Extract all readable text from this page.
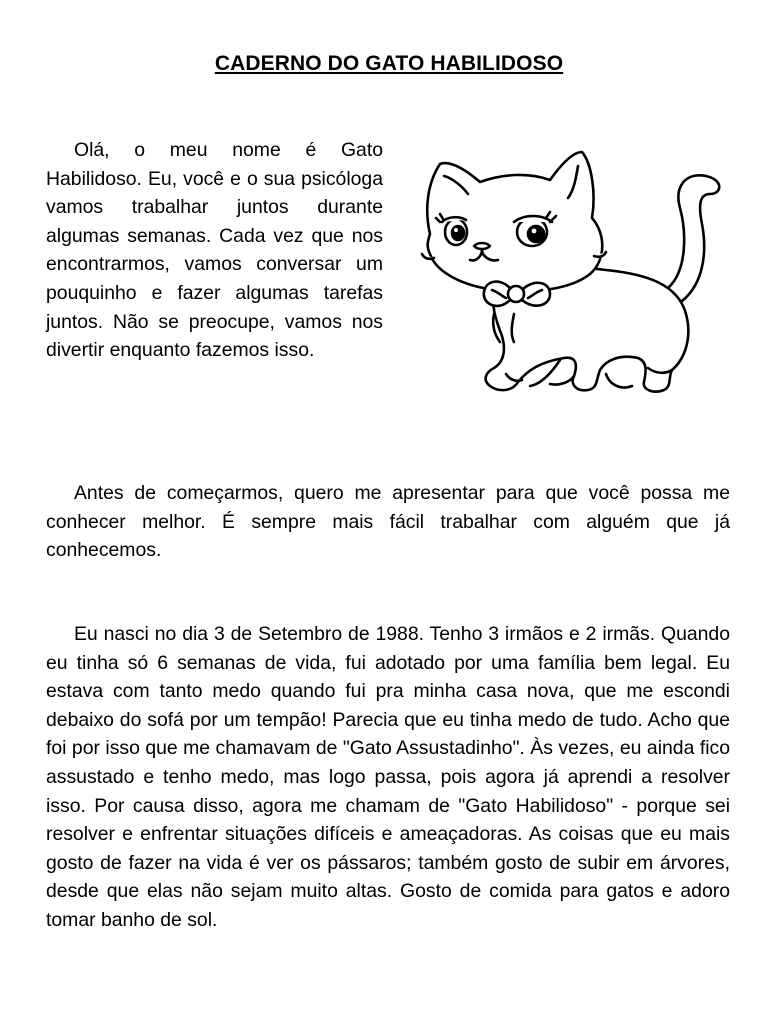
CADERNO DO GATO HABILIDOSO

Olá, o meu nome é Gato Habilidoso. Eu, você e o sua psicóloga vamos trabalhar juntos durante algumas semanas. Cada vez que nos encontrarmos, vamos conversar um pouquinho e fazer algumas tarefas juntos. Não se preocupe, vamos nos divertir enquanto fazemos isso.

Antes de começarmos, quero me apresentar para que você possa me conhecer melhor. É sempre mais fácil trabalhar com alguém que já conhecemos.

Eu nasci no dia 3 de Setembro de 1988. Tenho 3 irmãos e 2 irmãs. Quando eu tinha só 6 semanas de vida, fui adotado por uma família bem legal. Eu estava com tanto medo quando fui pra minha casa nova, que me escondi debaixo do sofá por um tempão! Parecia que eu tinha medo de tudo. Acho que foi por isso que me chamavam de "Gato Assustadinho". Às vezes, eu ainda fico assustado e tenho medo, mas logo passa, pois agora já aprendi a resolver isso. Por causa disso, agora me chamam de "Gato Habilidoso" - porque sei resolver e enfrentar situações difíceis e ameaçadoras. As coisas que eu mais gosto de fazer na vida é ver os pássaros; também gosto de subir em árvores, desde que elas não sejam muito altas. Gosto de comida para gatos e adoro tomar banho de sol.
